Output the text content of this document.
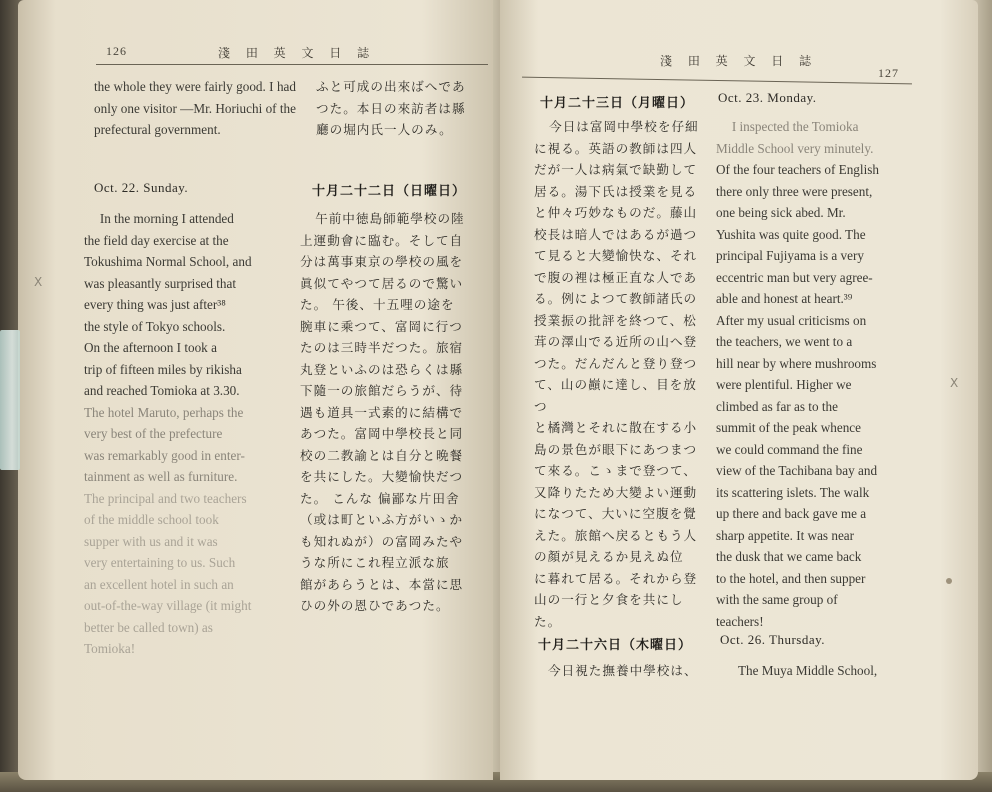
X
126	淺 田 英 文 日 誌
the whole they were fairly good. I had only one visitor —Mr. Horiuchi of the prefectural government.
ふと可成の出來ばへであつた。本日の來訪者は縣廳の堀内氏一人のみ。
Oct. 22. Sunday.	十月二十二日（日曜日）

In the morning I attended

the field day exercise at the

Tokushima Normal School, and

was pleasantly surprised that

every thing was just after³⁸

the style of Tokyo schools.

On the afternoon I took a

trip of fifteen miles by rikisha

and reached Tomioka at 3.30.

The hotel Maruto, perhaps the

very best of the prefecture

was remarkably good in enter-

tainment as well as furniture.

The principal and two teachers

of the middle school took

supper with us and it was

very entertaining to us. Such

an excellent hotel in such an

out-of-the-way village (it might

better be called town) as

Tomioka!

午前中徳島師範學校の陸

上運動會に臨む。そして自

分は萬事東京の學校の風を

眞似てやつて居るので驚い

た。 午後、十五哩の途を

腕車に乘つて、富岡に行つ

たのは三時半だつた。旅宿

丸登といふのは恐らくは縣

下隨一の旅館だらうが、待

遇も道具一式素的に結構で

あつた。富岡中學校長と同

校の二教諭とは自分と晩餐

を共にした。大變愉快だつ

た。 こんな 偏鄙な片田舍

（或は町といふ方がいゝか

も知れぬが）の富岡みたや

うな所にこれ程立派な旅

館があらうとは、本當に思

ひの外の恩ひであつた。

X
淺 田 英 文 日 誌
127
十月二十三日（月曜日） Oct. 23. Monday.

今日は富岡中學校を仔細

に視る。英語の教師は四人

だが一人は病氣で缺勤して

居る。湯下氏は授業を見る

と仲々巧妙なものだ。藤山

校長は暗人ではあるが過つ

て見ると大變愉快な、それ

で腹の裡は極正直な人であ

る。例によつて教師諸氏の

授業振の批評を終つて、松

茸の澤山でる近所の山へ登

つた。だんだんと登り登つ

て、山の巓に達し、目を放つ

と橘灣とそれに散在する小

島の景色が眼下にあつまつ

て來る。こゝまで登つて、

又降りたため大變よい運動

になつて、大いに空腹を覺

えた。旅館へ戻るともう人

の顏が見えるか見えぬ位

に暮れて居る。それから登

山の一行と夕食を共にし

た。

I inspected the Tomioka

Middle School very minutely.

Of the four teachers of English

there only three were present,

one being sick abed. Mr.

Yushita was quite good. The

principal Fujiyama is a very

eccentric man but very agree-

able and honest at heart.³⁹

After my usual criticisms on

the teachers, we went to a

hill near by where mushrooms

were plentiful. Higher we

climbed as far as to the

summit of the peak whence

we could command the fine

view of the Tachibana bay and

its scattering islets. The walk

up there and back gave me a

sharp appetite. It was near

the dusk that we came back

to the hotel, and then supper

with the same group of

teachers!

十月二十六日（木曜日） Oct. 26. Thursday.
今日視た撫養中學校は、	The Muya Middle School,
